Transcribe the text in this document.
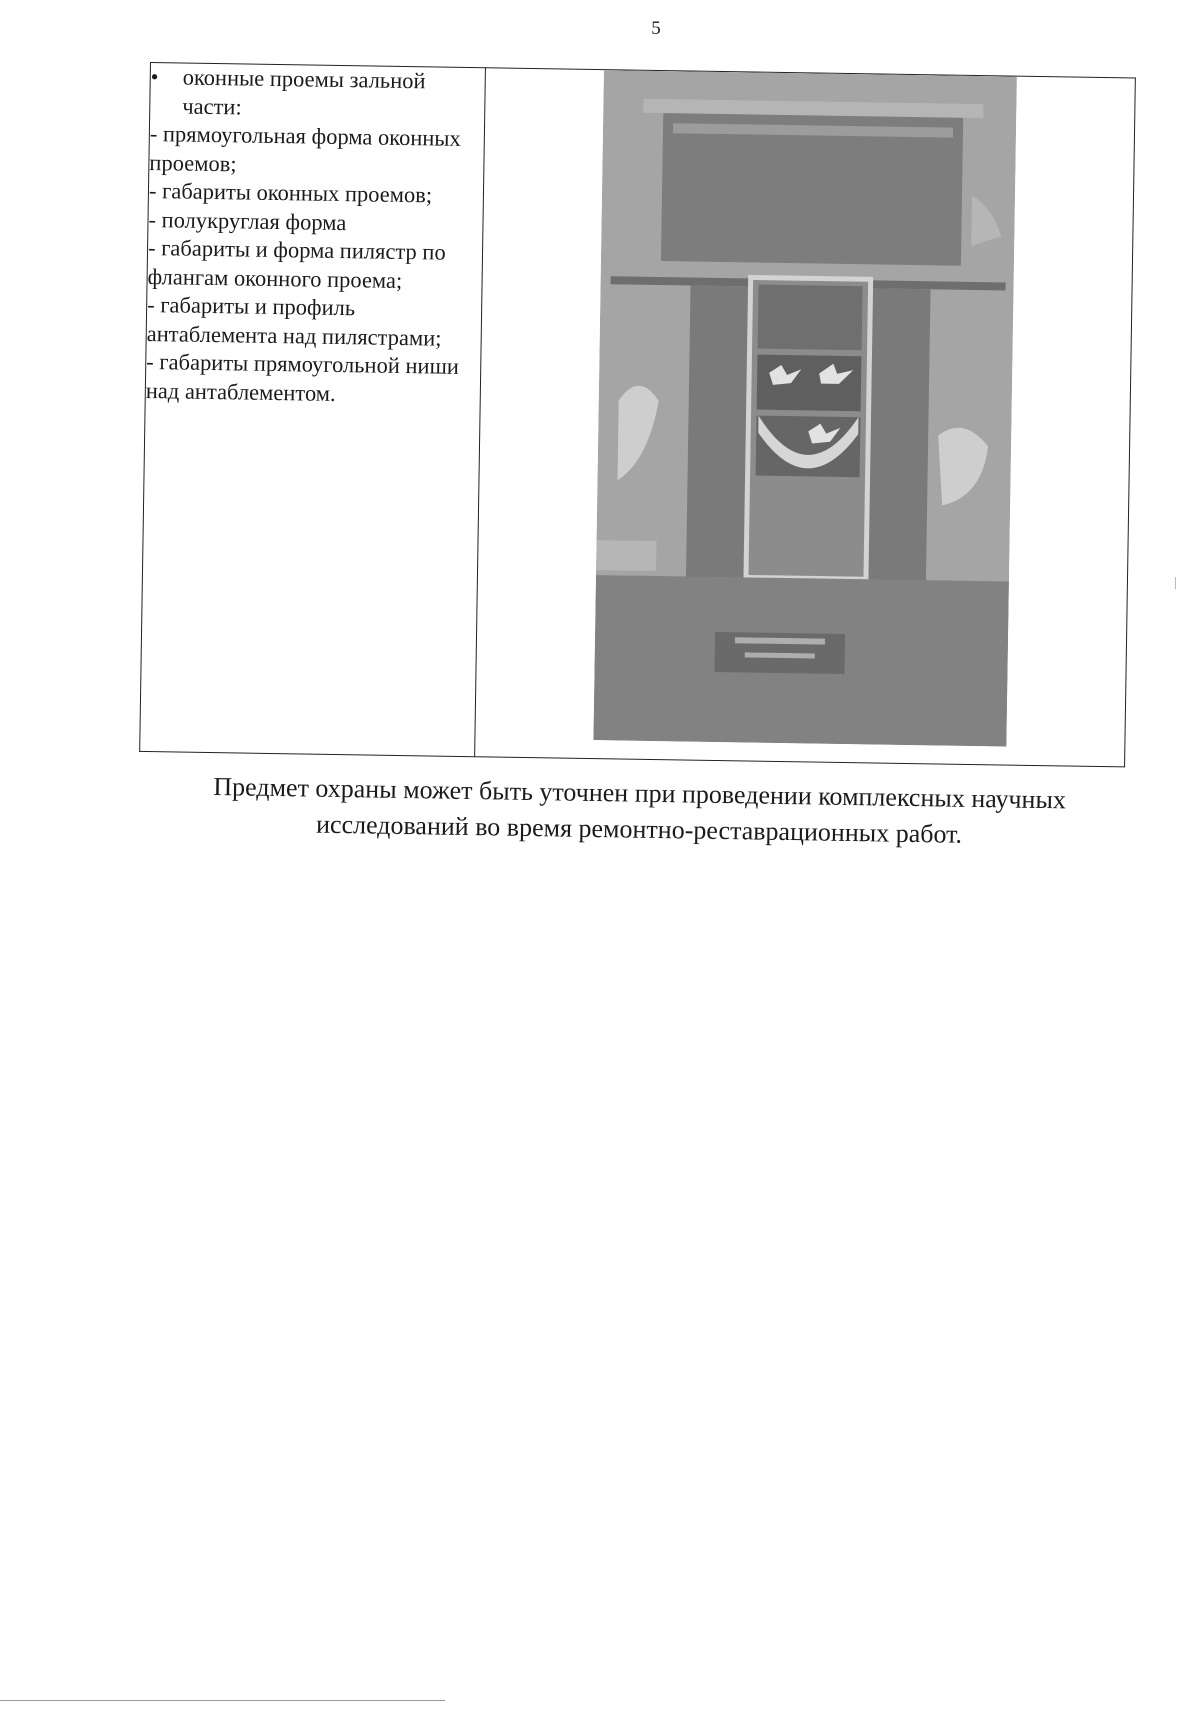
5
•	оконные проемы зальной части:
- прямоугольная форма оконных проемов;
- габариты оконных проемов;
- полукруглая форма
- габариты и форма пилястр по флангам оконного проема;
- габариты и профиль антаблемента над пилястрами;
- габариты прямоугольной ниши над антаблементом.

Предмет охраны может быть уточнен при проведении комплексных научных исследований во время ремонтно-реставрационных работ.
